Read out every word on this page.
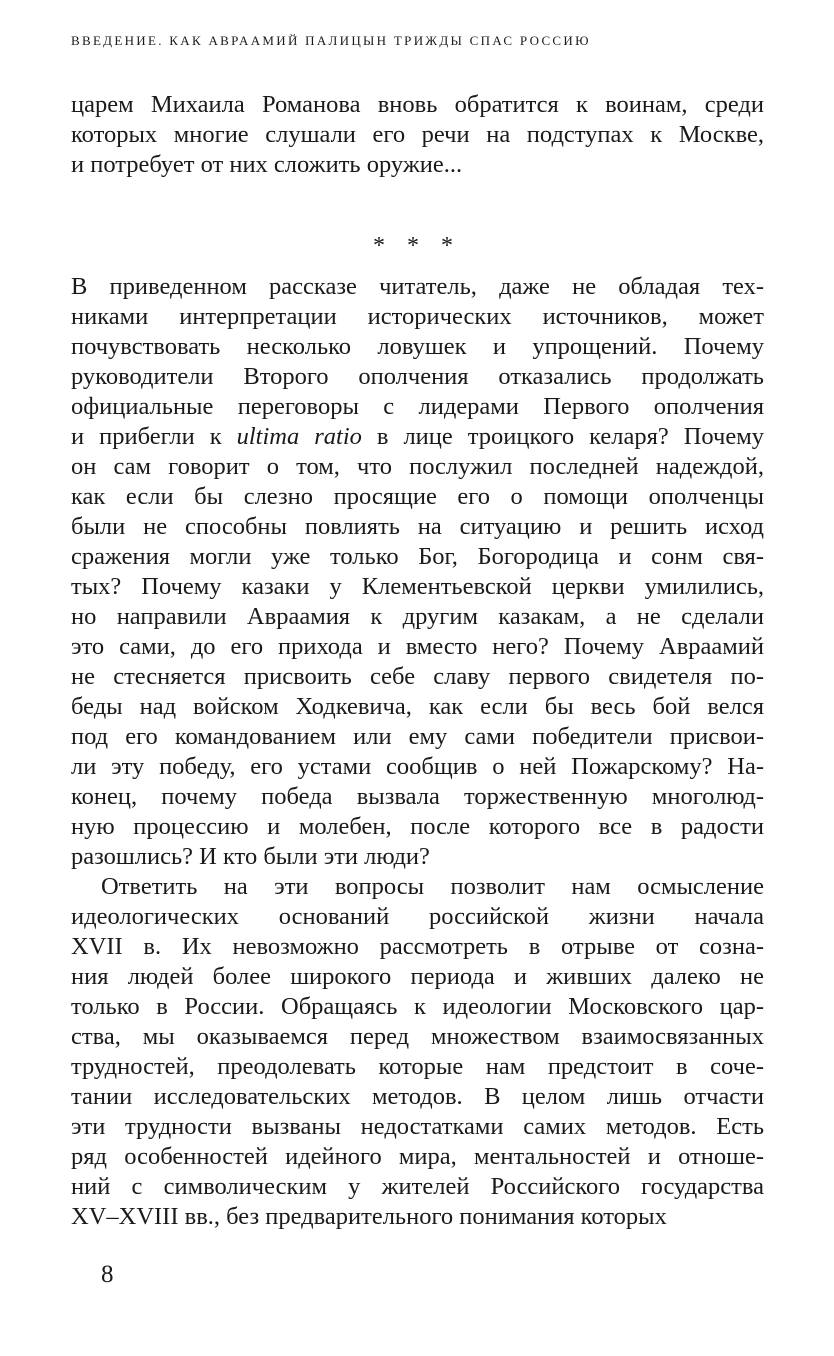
ВВЕДЕНИЕ. КАК АВРААМИЙ ПАЛИЦЫН ТРИЖДЫ СПАС РОССИЮ
царем Михаила Романова вновь обратится к воинам, среди
которых многие слушали его речи на подступах к Москве,
и потребует от них сложить оружие...
* * *
В приведенном рассказе читатель, даже не обладая тех-
никами интерпретации исторических источников, может
почувствовать несколько ловушек и упрощений. Почему
руководители Второго ополчения отказались продолжать
официальные переговоры с лидерами Первого ополчения
и прибегли к ultima ratio в лице троицкого келаря? Почему
он сам говорит о том, что послужил последней надеждой,
как если бы слезно просящие его о помощи ополченцы
были не способны повлиять на ситуацию и решить исход
сражения могли уже только Бог, Богородица и сонм свя-
тых? Почему казаки у Клементьевской церкви умилились,
но направили Авраамия к другим казакам, а не сделали
это сами, до его прихода и вместо него? Почему Авраамий
не стесняется присвоить себе славу первого свидетеля по-
беды над войском Ходкевича, как если бы весь бой велся
под его командованием или ему сами победители присвои-
ли эту победу, его устами сообщив о ней Пожарскому? На-
конец, почему победа вызвала торжественную многолюд-
ную процессию и молебен, после которого все в радости
разошлись? И кто были эти люди?
Ответить на эти вопросы позволит нам осмысление
идеологических оснований российской жизни начала
XVII в. Их невозможно рассмотреть в отрыве от созна-
ния людей более широкого периода и живших далеко не
только в России. Обращаясь к идеологии Московского цар-
ства, мы оказываемся перед множеством взаимосвязанных
трудностей, преодолевать которые нам предстоит в соче-
тании исследовательских методов. В целом лишь отчасти
эти трудности вызваны недостатками самих методов. Есть
ряд особенностей идейного мира, ментальностей и отноше-
ний с символическим у жителей Российского государства
XV–XVIII вв., без предварительного понимания которых
8
